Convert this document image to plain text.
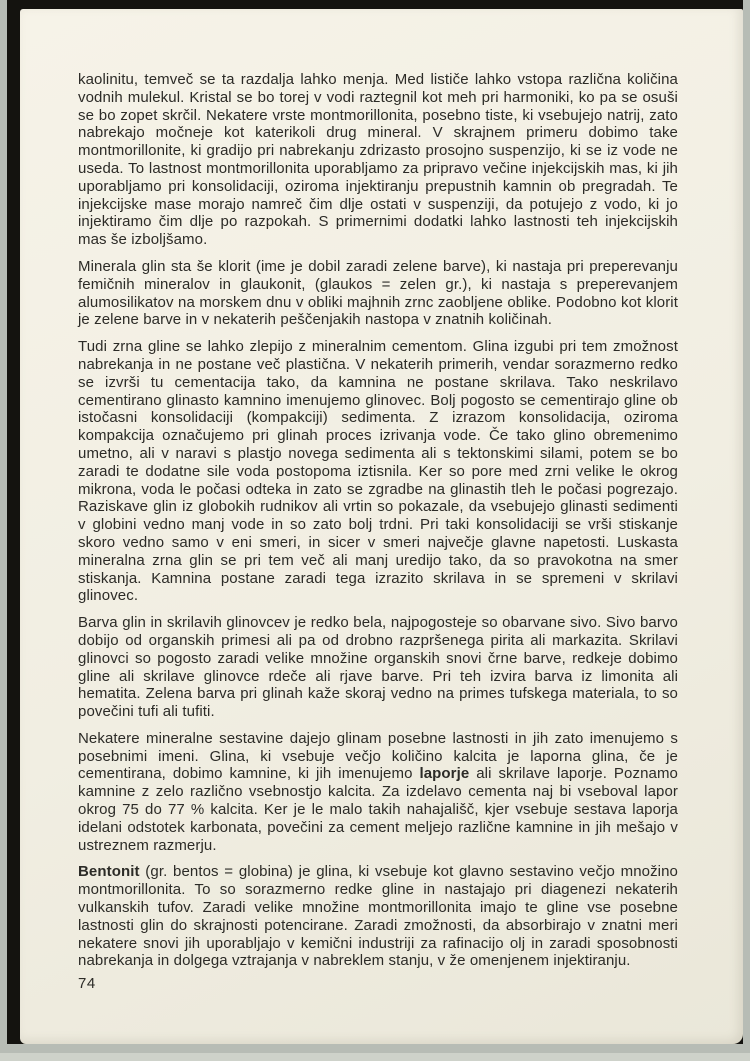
kaolinitu, temveč se ta razdalja lahko menja. Med lističe lahko vstopa različna količina vodnih mulekul. Kristal se bo torej v vodi raztegnil kot meh pri harmoniki, ko pa se osuši se bo zopet skrčil. Nekatere vrste montmorillonita, posebno tiste, ki vsebujejo natrij, zato nabrekajo močneje kot katerikoli drug mineral. V skrajnem primeru dobimo take montmorillonite, ki gradijo pri nabrekanju zdrizasto prosojno suspenzijo, ki se iz vode ne useda. To lastnost montmorillonita uporabljamo za pripravo večine injekcijskih mas, ki jih uporabljamo pri konsolidaciji, oziroma injektiranju prepustnih kamnin ob pregradah. Te injekcijske mase morajo namreč čim dlje ostati v suspenziji, da potujejo z vodo, ki jo injektiramo čim dlje po razpokah. S primernimi dodatki lahko lastnosti teh injekcijskih mas še izboljšamo.

Minerala glin sta še klorit (ime je dobil zaradi zelene barve), ki nastaja pri preperevanju femičnih mineralov in glaukonit, (glaukos = zelen gr.), ki nastaja s preperevanjem alumosilikatov na morskem dnu v obliki majhnih zrnc zaobljene oblike. Podobno kot klorit je zelene barve in v nekaterih peščenjakih nastopa v znatnih količinah.

Tudi zrna gline se lahko zlepijo z mineralnim cementom. Glina izgubi pri tem zmožnost nabrekanja in ne postane več plastična. V nekaterih primerih, vendar sorazmerno redko se izvrši tu cementacija tako, da kamnina ne postane skrilava. Tako neskrilavo cementirano glinasto kamnino imenujemo glinovec. Bolj pogosto se cementirajo gline ob istočasni konsolidaciji (kompakciji) sedimenta. Z izrazom konsolidacija, oziroma kompakcija označujemo pri glinah proces izrivanja vode. Če tako glino obremenimo umetno, ali v naravi s plastjo novega sedimenta ali s tektonskimi silami, potem se bo zaradi te dodatne sile voda postopoma iztisnila. Ker so pore med zrni velike le okrog mikrona, voda le počasi odteka in zato se zgradbe na glinastih tleh le počasi pogrezajo. Raziskave glin iz globokih rudnikov ali vrtin so pokazale, da vsebujejo glinasti sedimenti v globini vedno manj vode in so zato bolj trdni. Pri taki konsolidaciji se vrši stiskanje skoro vedno samo v eni smeri, in sicer v smeri največje glavne napetosti. Luskasta mineralna zrna glin se pri tem več ali manj uredijo tako, da so pravokotna na smer stiskanja. Kamnina postane zaradi tega izrazito skrilava in se spremeni v skrilavi glinovec.

Barva glin in skrilavih glinovcev je redko bela, najpogosteje so obarvane sivo. Sivo barvo dobijo od organskih primesi ali pa od drobno razpršenega pirita ali markazita. Skrilavi glinovci so pogosto zaradi velike množine organskih snovi črne barve, redkeje dobimo gline ali skrilave glinovce rdeče ali rjave barve. Pri teh izvira barva iz limonita ali hematita. Zelena barva pri glinah kaže skoraj vedno na primes tufskega materiala, to so povečini tufi ali tufiti.

Nekatere mineralne sestavine dajejo glinam posebne lastnosti in jih zato imenujemo s posebnimi imeni. Glina, ki vsebuje večjo količino kalcita je laporna glina, če je cementirana, dobimo kamnine, ki jih imenujemo laporje ali skrilave laporje. Poznamo kamnine z zelo različno vsebnostjo kalcita. Za izdelavo cementa naj bi vseboval lapor okrog 75 do 77 % kalcita. Ker je le malo takih nahajališč, kjer vsebuje sestava laporja idelani odstotek karbonata, povečini za cement meljejo različne kamnine in jih mešajo v ustreznem razmerju.

Bentonit (gr. bentos = globina) je glina, ki vsebuje kot glavno sestavino večjo množino montmorillonita. To so sorazmerno redke gline in nastajajo pri diagenezi nekaterih vulkanskih tufov. Zaradi velike množine montmorillonita imajo te gline vse posebne lastnosti glin do skrajnosti potencirane. Zaradi zmožnosti, da absorbirajo v znatni meri nekatere snovi jih uporabljajo v kemični industriji za rafinacijo olj in zaradi sposobnosti nabrekanja in dolgega vztrajanja v nabreklem stanju, v že omenjenem injektiranju.

74
